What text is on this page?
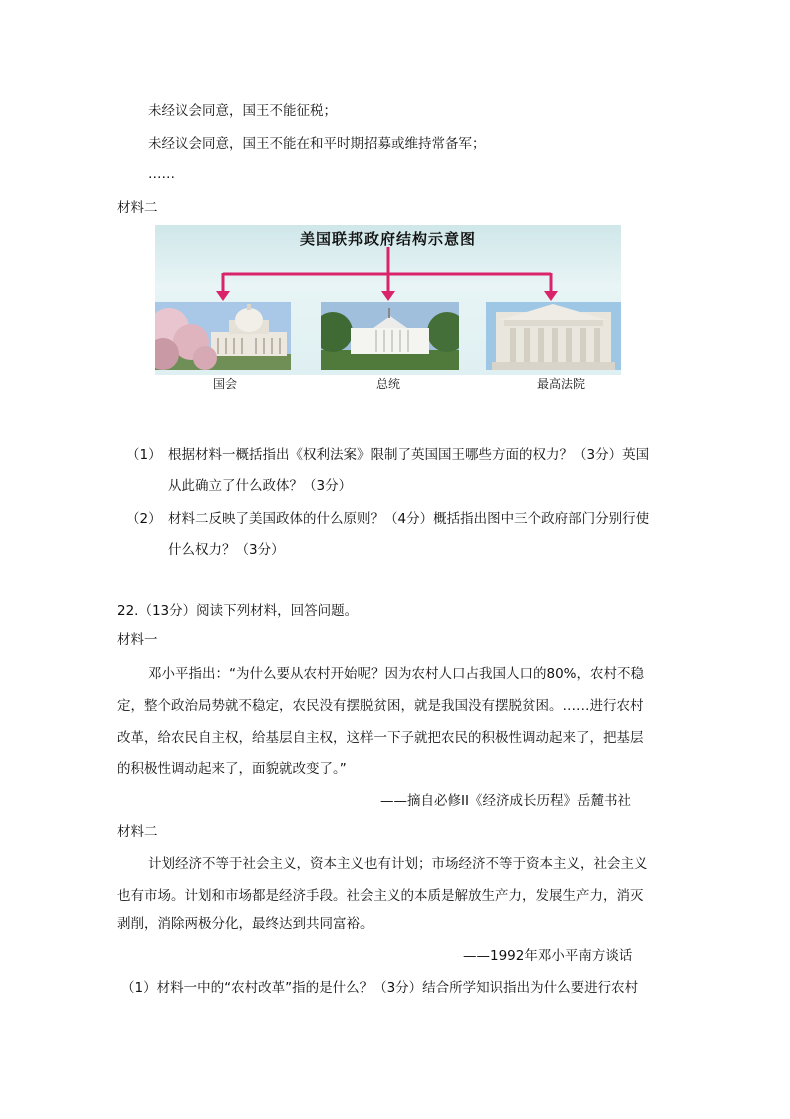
未经议会同意，国王不能征税；
未经议会同意，国王不能在和平时期招募或维持常备军；
……
材料二
美国联邦政府结构示意图
国会	总统	最高法院
（1） 根据材料一概括指出《权利法案》限制了英国国王哪些方面的权力？（3分）英国
从此确立了什么政体？（3分）
（2） 材料二反映了美国政体的什么原则？（4分）概括指出图中三个政府部门分别行使
什么权力？（3分）
22.（13分）阅读下列材料，回答问题。
材料一
邓小平指出：“为什么要从农村开始呢？因为农村人口占我国人口的80%，农村不稳
定，整个政治局势就不稳定，农民没有摆脱贫困，就是我国没有摆脱贫困。……进行农村
改革，给农民自主权，给基层自主权，这样一下子就把农民的积极性调动起来了，把基层
的积极性调动起来了，面貌就改变了。”
——摘自必修II《经济成长历程》岳麓书社
材料二
计划经济不等于社会主义，资本主义也有计划；市场经济不等于资本主义，社会主义
也有市场。计划和市场都是经济手段。社会主义的本质是解放生产力，发展生产力，消灭
剥削，消除两极分化，最终达到共同富裕。
——1992年邓小平南方谈话
（1）材料一中的“农村改革”指的是什么？（3分）结合所学知识指出为什么要进行农村
